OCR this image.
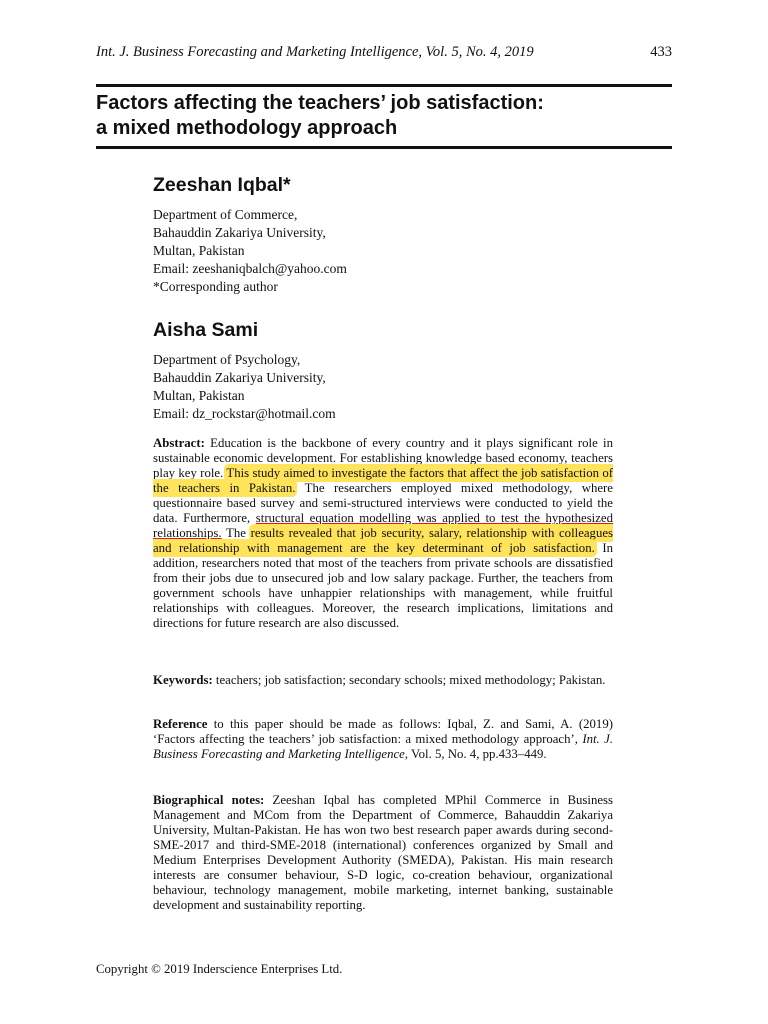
Int. J. Business Forecasting and Marketing Intelligence, Vol. 5, No. 4, 2019	433
Factors affecting the teachers’ job satisfaction:
a mixed methodology approach
Zeeshan Iqbal*
Department of Commerce,
Bahauddin Zakariya University,
Multan, Pakistan
Email: zeeshaniqbalch@yahoo.com
*Corresponding author
Aisha Sami
Department of Psychology,
Bahauddin Zakariya University,
Multan, Pakistan
Email: dz_rockstar@hotmail.com

Abstract: Education is the backbone of every country and it plays significant role in sustainable economic development. For establishing knowledge based economy, teachers play key role. This study aimed to investigate the factors that affect the job satisfaction of the teachers in Pakistan. The researchers employed mixed methodology, where questionnaire based survey and semi-structured interviews were conducted to yield the data. Furthermore, structural equation modelling was applied to test the hypothesized relationships. The results revealed that job security, salary, relationship with colleagues and relationship with management are the key determinant of job satisfaction. In addition, researchers noted that most of the teachers from private schools are dissatisfied from their jobs due to unsecured job and low salary package. Further, the teachers from government schools have unhappier relationships with management, while fruitful relationships with colleagues. Moreover, the research implications, limitations and directions for future research are also discussed.

Keywords: teachers; job satisfaction; secondary schools; mixed methodology; Pakistan.

Reference to this paper should be made as follows: Iqbal, Z. and Sami, A. (2019) ‘Factors affecting the teachers’ job satisfaction: a mixed methodology approach’, Int. J. Business Forecasting and Marketing Intelligence, Vol. 5, No. 4, pp.433–449.

Biographical notes: Zeeshan Iqbal has completed MPhil Commerce in Business Management and MCom from the Department of Commerce, Bahauddin Zakariya University, Multan-Pakistan. He has won two best research paper awards during second-SME-2017 and third-SME-2018 (international) conferences organized by Small and Medium Enterprises Development Authority (SMEDA), Pakistan. His main research interests are consumer behaviour, S-D logic, co-creation behaviour, organizational behaviour, technology management, mobile marketing, internet banking, sustainable development and sustainability reporting.

Copyright © 2019 Inderscience Enterprises Ltd.
